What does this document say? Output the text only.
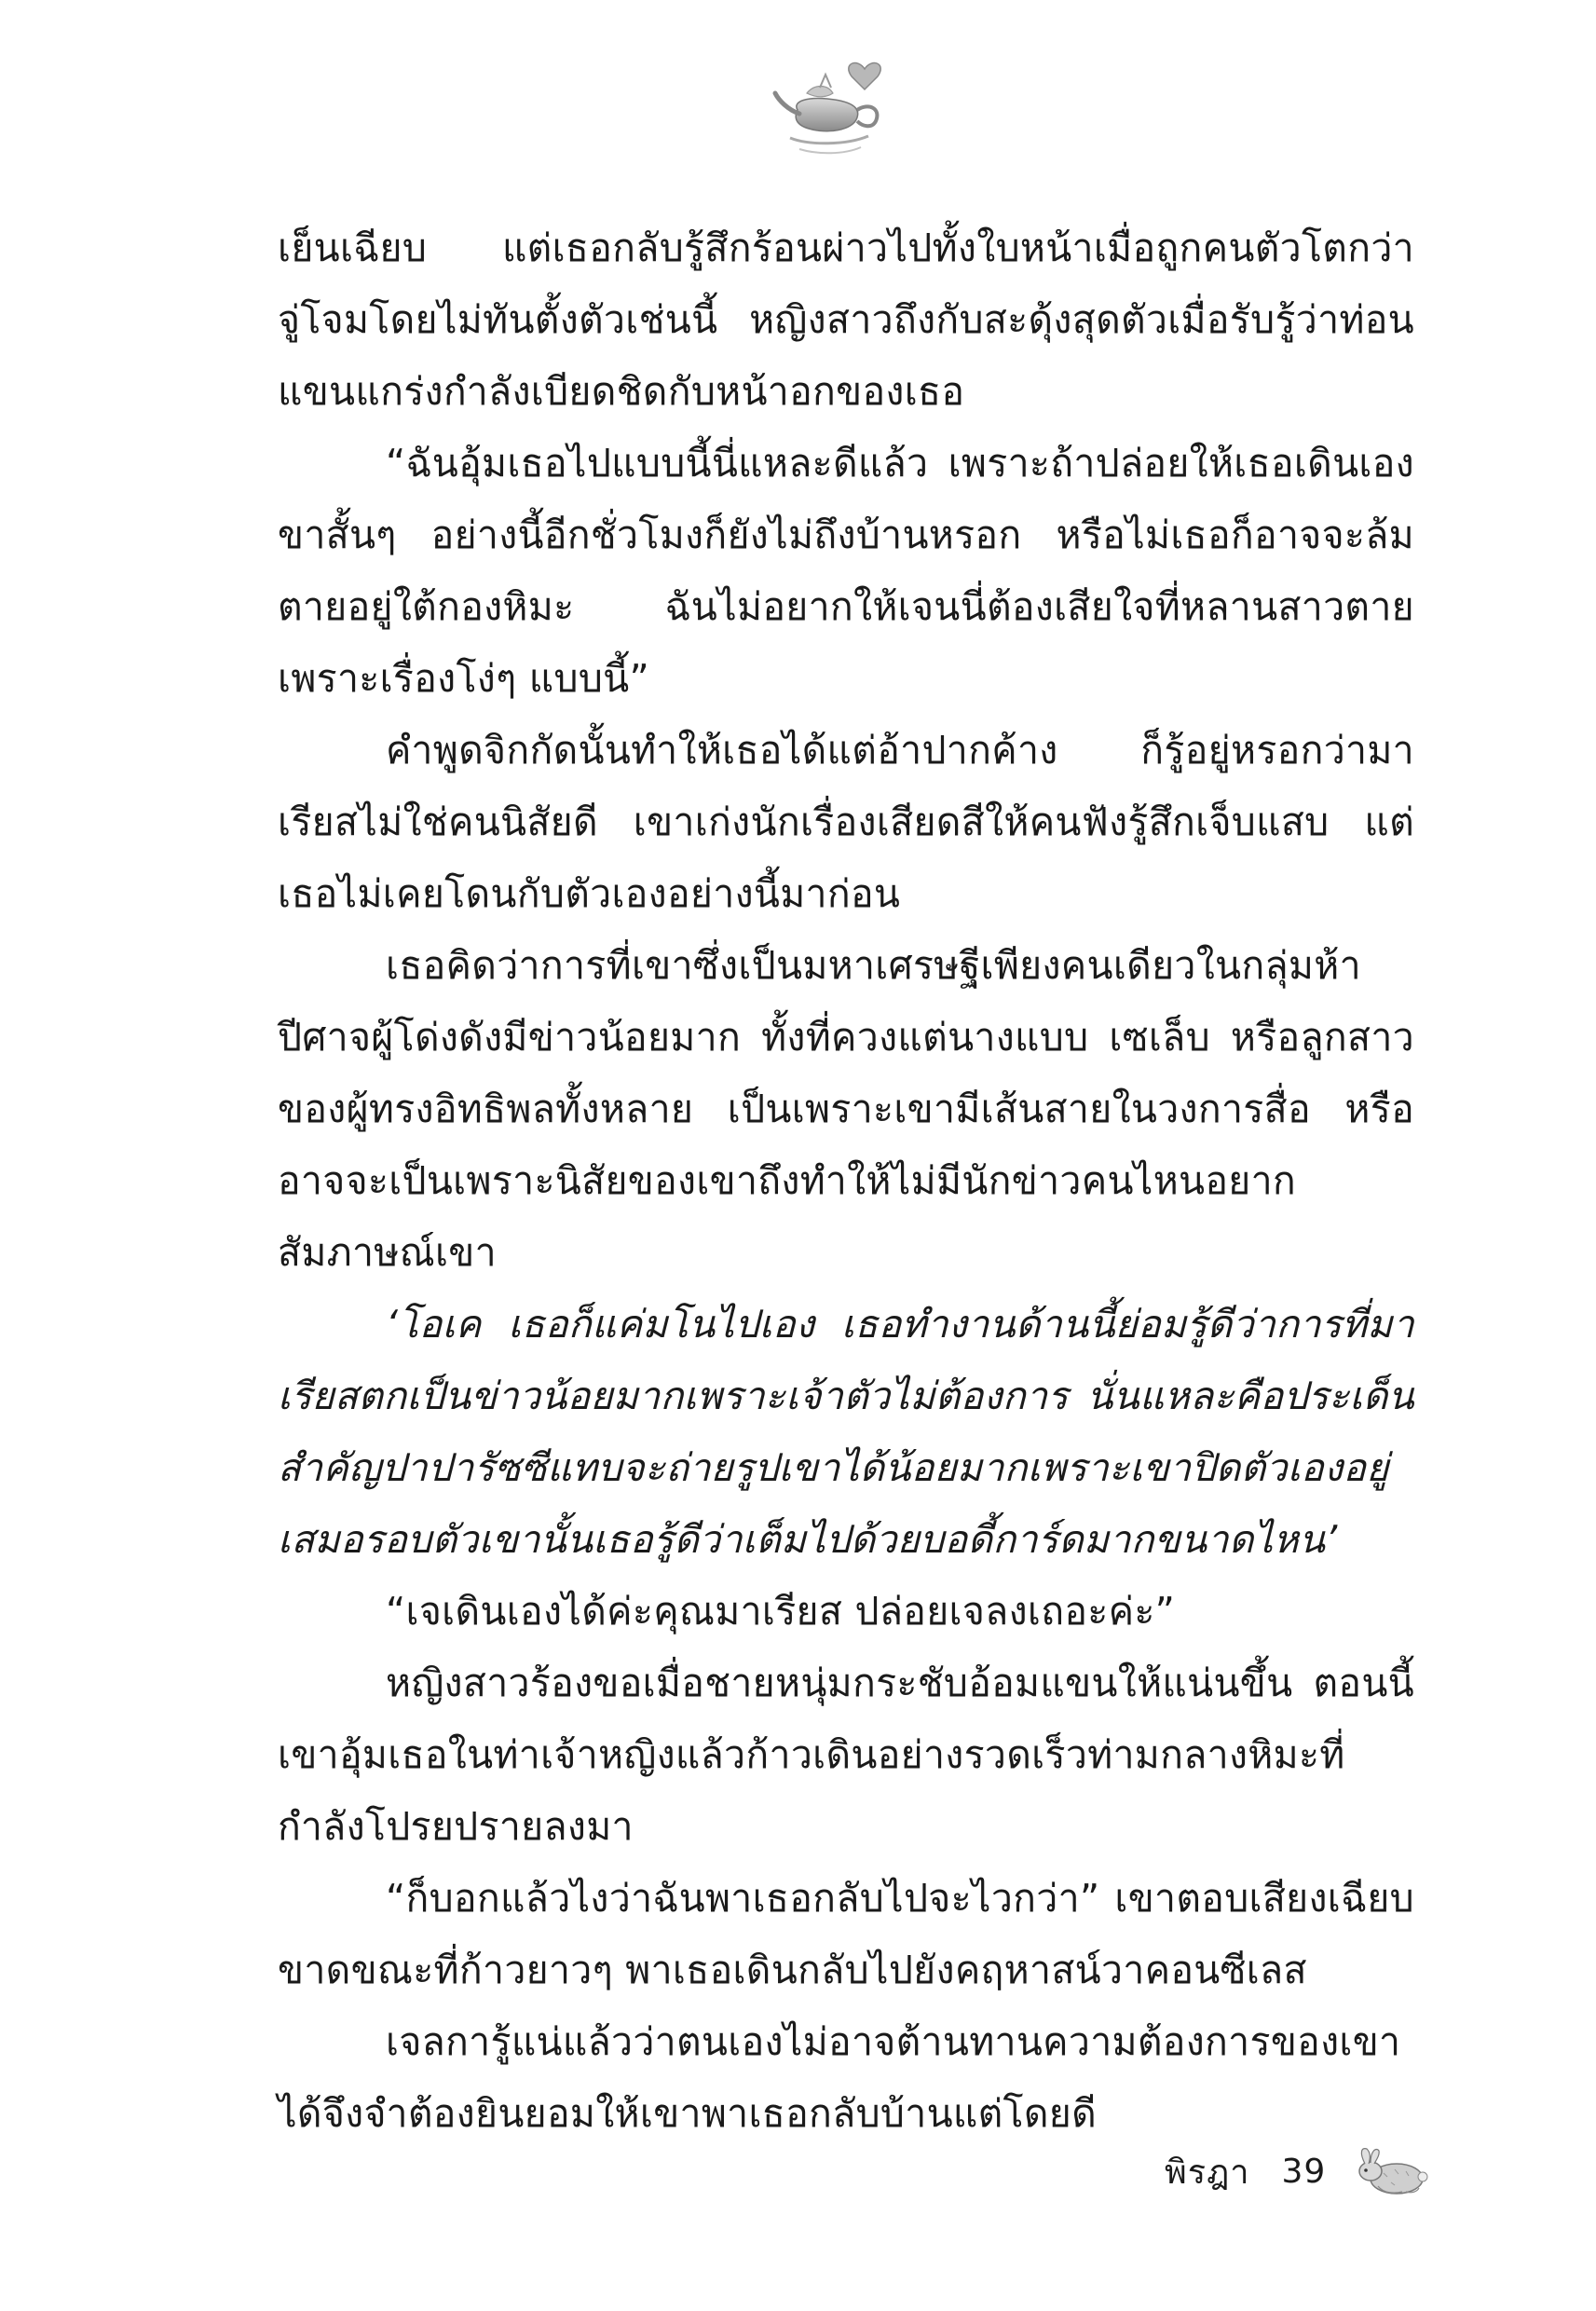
เย็นเฉียบ แต่เธอกลับรู้สึกร้อนผ่าวไปทั้งใบหน้าเมื่อถูกคนตัวโตกว่าจู่โจมโดยไม่ทันตั้งตัวเช่นนี้ หญิงสาวถึงกับสะดุ้งสุดตัวเมื่อรับรู้ว่าท่อนแขนแกร่งกำลังเบียดชิดกับหน้าอกของเธอ

“ฉันอุ้มเธอไปแบบนี้นี่แหละดีแล้ว เพราะถ้าปล่อยให้เธอเดินเองขาสั้นๆ อย่างนี้อีกชั่วโมงก็ยังไม่ถึงบ้านหรอก หรือไม่เธอก็อาจจะล้มตายอยู่ใต้กองหิมะ ฉันไม่อยากให้เจนนี่ต้องเสียใจที่หลานสาวตายเพราะเรื่องโง่ๆ แบบนี้”

คำพูดจิกกัดนั้นทำให้เธอได้แต่อ้าปากค้าง ก็รู้อยู่หรอกว่ามาเรียสไม่ใช่คนนิสัยดี เขาเก่งนักเรื่องเสียดสีให้คนฟังรู้สึกเจ็บแสบ แต่เธอไม่เคยโดนกับตัวเองอย่างนี้มาก่อน

เธอคิดว่าการที่เขาซึ่งเป็นมหาเศรษฐีเพียงคนเดียวในกลุ่มห้าปีศาจผู้โด่งดังมีข่าวน้อยมาก ทั้งที่ควงแต่นางแบบ เซเล็บ หรือลูกสาวของผู้ทรงอิทธิพลทั้งหลาย เป็นเพราะเขามีเส้นสายในวงการสื่อ หรืออาจจะเป็นเพราะนิสัยของเขาถึงทำให้ไม่มีนักข่าวคนไหนอยากสัมภาษณ์เขา

‘โอเค เธอก็แค่มโนไปเอง เธอทำงานด้านนี้ย่อมรู้ดีว่าการที่มาเรียสตกเป็นข่าวน้อยมากเพราะเจ้าตัวไม่ต้องการ นั่นแหละคือประเด็นสำคัญปาปารัซซีแทบจะถ่ายรูปเขาได้น้อยมากเพราะเขาปิดตัวเองอยู่เสมอรอบตัวเขานั้นเธอรู้ดีว่าเต็มไปด้วยบอดี้การ์ดมากขนาดไหน’

“เจเดินเองได้ค่ะคุณมาเรียส ปล่อยเจลงเถอะค่ะ”

หญิงสาวร้องขอเมื่อชายหนุ่มกระชับอ้อมแขนให้แน่นขึ้น ตอนนี้เขาอุ้มเธอในท่าเจ้าหญิงแล้วก้าวเดินอย่างรวดเร็วท่ามกลางหิมะที่กำลังโปรยปรายลงมา

“ก็บอกแล้วไงว่าฉันพาเธอกลับไปจะไวกว่า” เขาตอบเสียงเฉียบขาดขณะที่ก้าวยาวๆ พาเธอเดินกลับไปยังคฤหาสน์วาคอนซีเลส

เจลการู้แน่แล้วว่าตนเองไม่อาจต้านทานความต้องการของเขาได้จึงจำต้องยินยอมให้เขาพาเธอกลับบ้านแต่โดยดี

พิรฎา 39
